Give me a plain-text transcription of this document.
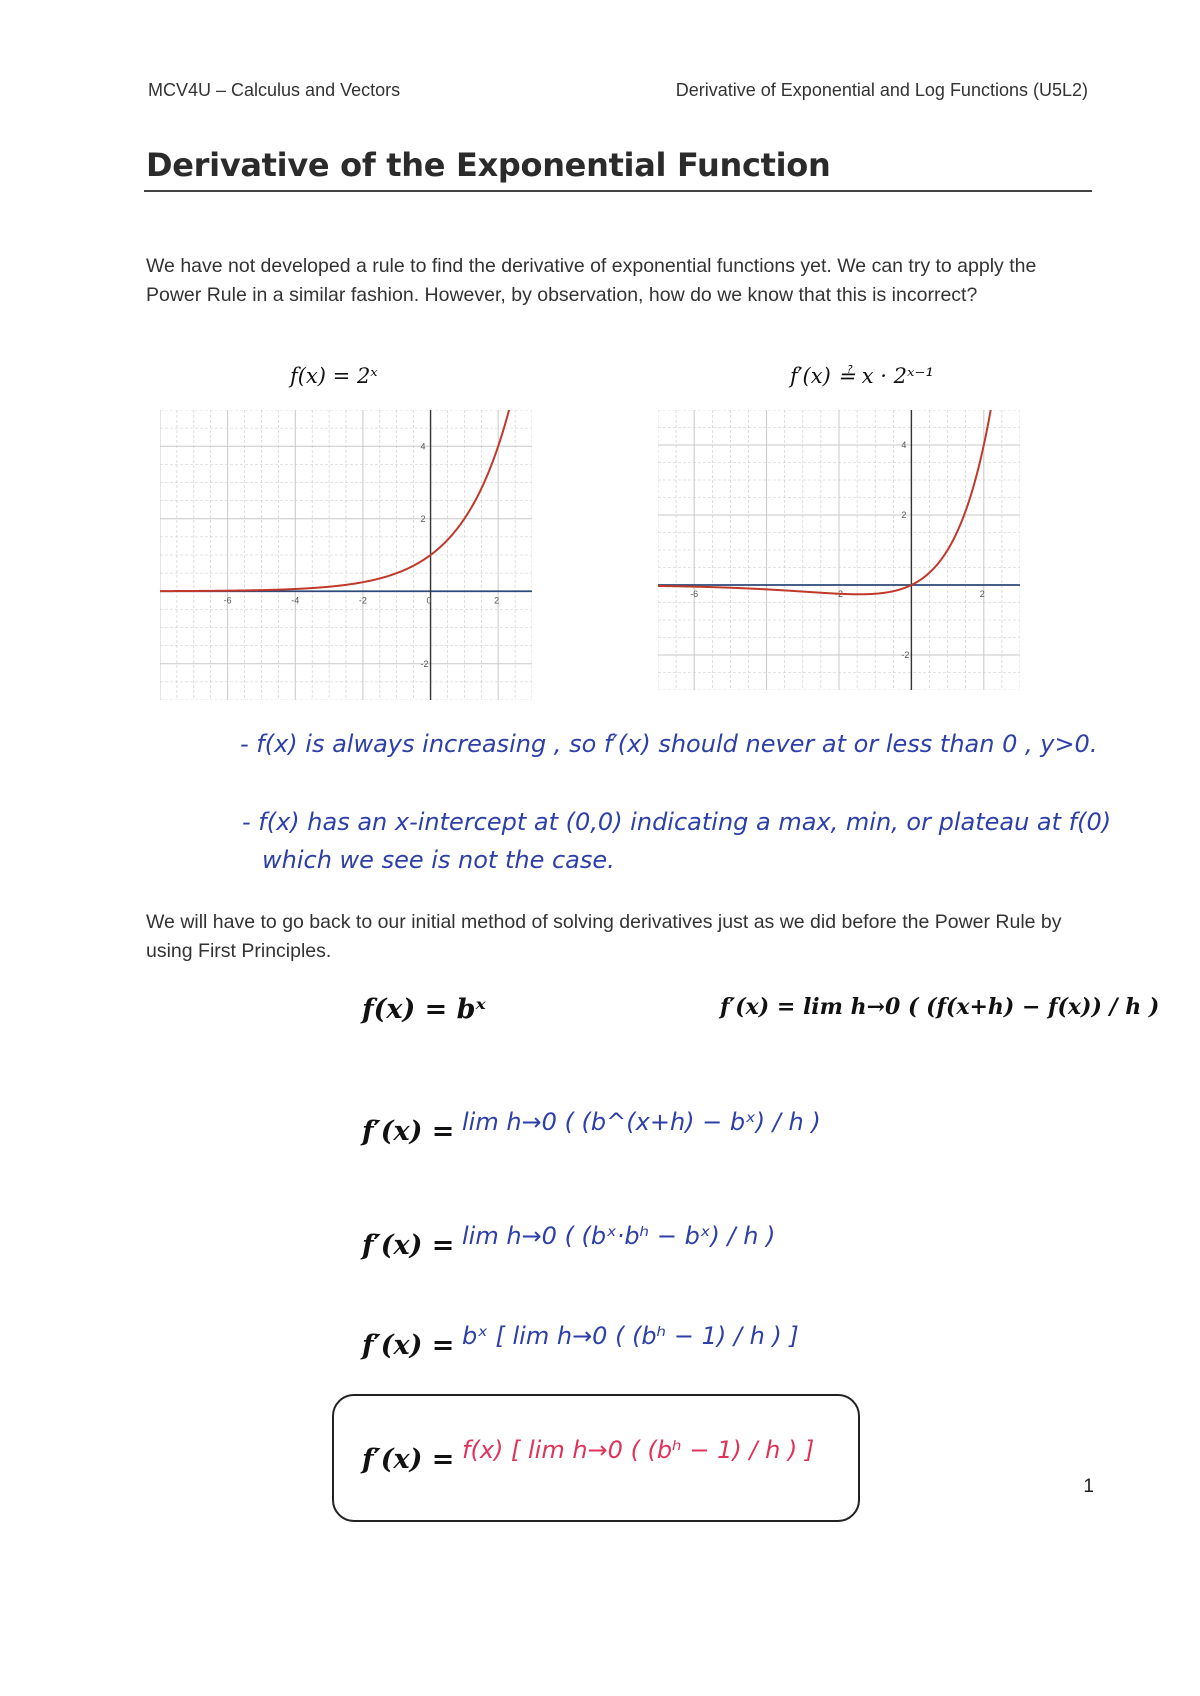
MCV4U – Calculus and Vectors	Derivative of Exponential and Log Functions (U5L2)
Derivative of the Exponential Function
We have not developed a rule to find the derivative of exponential functions yet. We can try to apply the Power Rule in a similar fashion. However, by observation, how do we know that this is incorrect?
f(x) = 2ˣ	f′(x) ≟ x · 2ˣ⁻¹
-6	-4	-2	0	2
4
2
-2
-6	-2	2
4
2
-2
- f(x) is always increasing , so f′(x) should never at or less than 0 , y>0.
- f(x) has an x-intercept at (0,0) indicating a max, min, or plateau at f(0)
which we see is not the case.
We will have to go back to our initial method of solving derivatives just as we did before the Power Rule by using First Principles.
f(x) = bˣ	f′(x) = lim h→0 ( (f(x+h) − f(x)) / h )
f′(x) = lim h→0 ( (b^(x+h) − bˣ) / h )
f′(x) = lim h→0 ( (bˣ·bʰ − bˣ) / h )
f′(x) = bˣ [ lim h→0 ( (bʰ − 1) / h ) ]
f′(x) = f(x) [ lim h→0 ( (bʰ − 1) / h ) ]
1
